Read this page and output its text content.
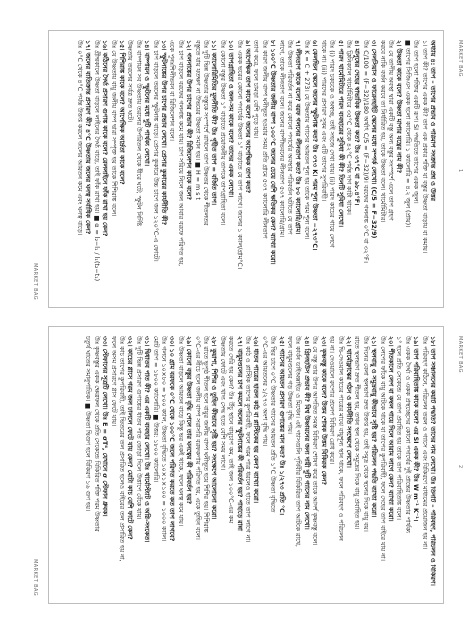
MARKET BAG
1
অধ্যায় ৪: তাপ – তাপের প্রভাব ও পরিমাপ সংক্রান্ত প্রশ্ন ও উত্তর
১। তাপ কী? তাপের একক কী? তাপ এক প্রকার শক্তি যা বস্তুর উষ্ণতা বাড়ায় বা কমায়।
উঃ তাপ হলো শক্তির একটি রূপ। SI পদ্ধতিতে তাপের একক জুল।
■ তাপের সিজিএস একক হলো ক্যালোরি। ১ ক্যালোরি = ৪.২ জুল (প্রায়)।
২। উষ্ণতা কাকে বলে? উষ্ণতা মাপার যন্ত্রের নাম কী?
উঃ যে তাপীয় অবস্থা দ্বারা একটি বস্তু অন্য বস্তুর সংস্পর্শে এলে তাপ গ্রহণ
করবে নাকি বর্জন করবে তা নির্ধারিত হয়, তাকে উষ্ণতা বলে। থার্মোমিটার।
৩। সেলসিয়াস ও ফারেনহাইট স্কেলের মধ্যে সম্পর্ক লেখো। (C/5 = F−32/9)
উঃ C/100 = (F−32)/180 অর্থাৎ C/5 = (F−32)/9। বরফের গলনাঙ্ক ০°C বা ৩২°F।
৪। মানুষের দেহের স্বাভাবিক উষ্ণতা কত? উঃ ৩৭°C বা ৯৮.৪°F।
উঃ ক্লিনিক্যাল থার্মোমিটারে ৩৫°C থেকে ৪২°C পর্যন্ত দাগ কাটা থাকে।
৫। পারদ থার্মোমিটারে পারদ ব্যবহারের সুবিধা কী কী? তিনটি সুবিধা লেখো।
উঃ (i) পারদ চকচকে ও অস্বচ্ছ, তাই সহজে দেখা যায়। (ii) পারদ কাচের গায়ে লেগে
থাকে না। (iii) পারদের প্রসারণ সুষম এবং এটি তাপের সুপরিবাহী।
৬। কেলভিন স্কেলে জলের স্ফুটনাঙ্ক কত? উঃ ৩৭৩ K। পরম শূন্য উষ্ণতা −২৭৩°C।
উঃ K = C + 273। যে উষ্ণতায় গ্যাসের আয়তন শূন্য হয় তাকে পরম শূন্য বলে।
৭। লীনতাপ কাকে বলে? বরফ গলনের লীনতাপ কত? উঃ ৮০ ক্যালোরি/গ্রাম।
উঃ উষ্ণতা পরিবর্তন না করে কোনো পদার্থের অবস্থার পরিবর্তন ঘটাতে যে তাপ
লাগে, তাকে লীনতাপ বলে। জলের বাষ্পীভবনের লীনতাপ ৫৩৭ ক্যালোরি/গ্রাম।
৮। ১০০°C উষ্ণতার জলীয় বাষ্প ১০০°C জলের চেয়ে বেশি ক্ষতিকর কেন? ব্যাখ্যা করো।
উঃ কারণ জলীয় বাষ্প ঘনীভূত হওয়ার সময় প্রতি গ্রামে ৫৩৭ ক্যালোরি লীনতাপ
ত্যাগ করে, ফলে চামড়া বেশি পুড়ে যায়।
৯। আপেক্ষিক তাপ কাকে বলে? জলের আপেক্ষিক তাপ কত?
উঃ একক ভরের কোনো পদার্থের উষ্ণতা ১° বাড়াতে যে তাপ লাগে। জলের ১ ক্যাল/গ্রাম°C।
১০। তাপগ্রাহিতা ও জল-সম কাকে বলে? তাদের একক লেখো।
উঃ কোনো বস্তুর উষ্ণতা ১° বাড়াতে প্রয়োজনীয় তাপকে তাপগ্রাহিতা বলে।
১১। ক্যালোরিমিতির মূলনীতি কী? উঃ গৃহীত তাপ = বর্জিত তাপ।
উঃ দুটি ভিন্ন উষ্ণতার বস্তুকে সংস্পর্শে রাখলে তাপ উষ্ণতর থেকে শীতলতর
বস্তুতে যায় যতক্ষণ না উভয়ের উষ্ণতা সমান হয়। ■ H = m s t
১২। গলনাঙ্কের উপর চাপের প্রভাব কী? রিজিলেশন কাকে বলে?
উঃ চাপ বাড়লে বরফের গলনাঙ্ক কমে যায়। চাপ সরিয়ে নিলে জল আবার বরফে পরিণত হয়,
একে পুনঃশিলীভবন বা রিজিলেশন বলে।
১৩। স্ফুটনাঙ্কের উপর চাপের প্রভাব লেখো। প্রেসার কুকারের কার্যনীতি কী?
উঃ চাপ বাড়লে তরলের স্ফুটনাঙ্ক বাড়ে। প্রেসার কুকারে উচ্চ চাপে জল ১২০°C-এ ফোটে।
১৪। বাষ্পায়ন ও স্ফুটনের মধ্যে দুটি পার্থক্য লেখো।
উঃ বাষ্পায়ন সব উষ্ণতায় তরলের উপরিতল থেকে ধীরে ঘটে; স্ফুটন নির্দিষ্ট
উষ্ণতায় তরলের সর্বত্র দ্রুত ঘটে।
১৫। শিশিরাঙ্ক কাকে বলে? আপেক্ষিক আর্দ্রতা কাকে বলে?
উঃ যে উষ্ণতায় বায়ু জলীয় বাষ্প দ্বারা সম্পৃক্ত হয় তাকে শিশিরাঙ্ক বলে।
১৬। কঠিনের দৈর্ঘ্য প্রসারণ গুণাঙ্ক কাকে বলে? রেললাইনে ফাঁক রাখা হয় কেন?
উঃ গ্রীষ্মকালে উষ্ণতা বাড়লে লাইনের দৈর্ঘ্য বাড়ে, তাই ফাঁক রাখা হয়। ■ α = l₂−l₁ / l₁(t₂−t₁)
১৭। জলের ব্যতিক্রান্ত প্রসারণ কী? ৪°C উষ্ণতায় জলের ঘনত্ব সর্বাধিক কেন?
উঃ ০°C থেকে ৪°C পর্যন্ত উত্তপ্ত করলে জলের আয়তন কমে এবং ঘনত্ব বাড়ে।
MARKET BAG
MARKET BAG
2
১৮। তাপ সঞ্চালনের কয়টি পদ্ধতি? তাদের নাম লেখো। উঃ তিনটি – পরিবহণ, পরিচলন ও বিকিরণ।
উঃ পরিবহণ কঠিনে, পরিচলন তরল ও গ্যাসে এবং বিকিরণে মাধ্যমের প্রয়োজন হয় না।
১৯। তাপ পরিবাহিতাঙ্ক কাকে বলে? এর SI একক কী? উঃ W m⁻¹ K⁻¹।
উঃ একক দৈর্ঘ্য ও একক প্রস্থচ্ছেদের কোনো পদার্থের দুই প্রান্তের উষ্ণতার পার্থক্য
১° হলে প্রতি সেকেন্ডে যে তাপ প্রবাহিত হয় তাকে তাপ পরিবাহিতাঙ্ক বলে।
২০। শীতকালে লেপ বা কম্বল গায়ে দিলে আরাম লাগে কেন? ব্যাখ্যা করো।
উঃ লেপের ফাঁকে বায়ু আটকে থাকে যা তাপের কুপরিবাহী, ফলে দেহের তাপ বাইরে যায় না।
২১। স্থলবায়ু ও সমুদ্রবায়ু কীভাবে সৃষ্টি হয়? পরিচলন পদ্ধতি ব্যাখ্যা করো।
উঃ দিনের বেলা স্থলভাগ দ্রুত উত্তপ্ত হয়, তাই সমুদ্র থেকে স্থলের দিকে বায়ু বয়।
রাতে স্থলভাগ দ্রুত শীতল হয়, তখন স্থল থেকে সমুদ্রের দিকে বায়ু প্রবাহিত হয়।
২২। থার্মোফ্লাস্কের গঠন ও কার্যনীতি সংক্ষেপে লেখো।
উঃ দ্বি-দেওয়াল কাচের পাত্রের মাঝে বায়ুশূন্য স্থান থাকে, ফলে পরিবহণ ও পরিচলন
হয় না। দেওয়ালে রুপোর প্রলেপ বিকিরণ রোধ করে।
২৩। কৃষ্ণবস্তু কাকে বলে? উত্তম শোষক উত্তম বিকিরক কেন?
উঃ যে বস্তু তার উপর আপতিত সমস্ত বিকিরণ শোষণ করে তাকে আদর্শ কৃষ্ণবস্তু বলে।
২৪। গ্রিনহাউস প্রভাব কী? বিশ্ব উষ্ণায়নের জন্য দায়ী দুটি গ্যাসের নাম লেখো।
উঃ কার্বন ডাইঅক্সাইড ও মিথেন। এই গ্যাসগুলি পৃথিবীর বিকিরিত তাপ আটকে রাখে,
ফলে বায়ুমণ্ডলের গড় উষ্ণতা বৃদ্ধি পায়।
২৫। গ্যাসের আয়তন প্রসারণ গুণাঙ্কের মান কত? উঃ ১/২৭৩ প্রতি °C।
উঃ স্থির চাপে ০°C উষ্ণতার গ্যাসের আয়তন প্রতি ১°C উষ্ণতা বৃদ্ধিতে
০°C-এর আয়তনের ১/২৭৩ অংশ বৃদ্ধি পায়।
২৬। ধাতব পাত্রের হাতল কাঠ বা প্লাস্টিকের হয় কেন? ব্যাখ্যা করো।
উঃ কাঠ ও প্লাস্টিক তাপের কুপরিবাহী, ফলে গরম পাত্র ধরলেও হাতে তাপ লাগে না।
২৭। বায়ুমণ্ডলের চাপ কমলে জলের স্ফুটনাঙ্কের কী পরিবর্তন হয়? পাহাড়ে রান্না
করতে দেরি হয় কেন? উঃ উঁচু স্থানে বায়ুচাপ কম, তাই জল ১০০°C-এর কম
উষ্ণতায় ফোটে এবং খাদ্য সেদ্ধ হতে বেশি সময় লাগে।
২৮। কুয়াশা, শিশির ও তুহিন কীভাবে সৃষ্টি হয়? সংক্ষেপে আলোচনা করো।
উঃ রাতে ভূপৃষ্ঠ শীতল হলে বায়ুর জলীয় বাষ্প ঘনীভূত হয়ে শিশির হয়। শিশিরাঙ্ক
০°C-এর নীচে হলে জলীয় বাষ্প সরাসরি বরফকণায় পরিণত হয়, একে তুহিন বলে।
২৯। কোনো বস্তুর উষ্ণতা বৃদ্ধি পেলে তার ঘনত্বের কী পরিবর্তন হয়?
উঃ উষ্ণতা বাড়লে আয়তন বাড়ে কিন্তু ভর একই থাকে, ফলে ঘনত্ব কমে যায়।
৩০। ১০ গ্রাম বরফকে ০°C থেকে ১০০°C জলে পরিণত করতে কত তাপ লাগবে?
উঃ গলনে ১০×৮০ = ৮০০ ক্যাল, উষ্ণতা বৃদ্ধিতে ১০×১×১০০ = ১০০০ ক্যাল।
মোট তাপ = ১৮০০ ক্যালোরি। ■ উত্তর: ১৮০০ ক্যালোরি।
৩১। দ্বিধাতব পাত কী? এর একটি ব্যবহার লেখো। উঃ থার্মোস্ট্যাট ও অগ্নি-সংকেত।
উঃ দুটি ভিন্ন প্রসারণ গুণাঙ্কের ধাতব পাত জোড়া দিলে উত্তাপে বেঁকে যায়।
৩২। কাচের গ্লাসে গরম জল ঢাললে ফেটে যায় কেন? মোটা কাচ বেশি ফাটে কেন?
উঃ কাচ তাপের কুপরিবাহী, তাই ভিতরের তল প্রসারিত হলেও বাইরের তল প্রসারিত হয় না,
ফলে অসম প্রসারণে গ্লাস ফেটে যায়।
৩৩। স্টেফানের সূত্রটি লেখো। উঃ E = σT⁴, যেখানে σ স্টেফান ধ্রুবক।
উঃ কৃষ্ণবস্তুর একক ক্ষেত্রফল থেকে প্রতি সেকেন্ডে বিকিরিত শক্তি পরম উষ্ণতার
চতুর্থ ঘাতের সমানুপাতিক। ■ উষ্ণতা দ্বিগুণ হলে বিকিরণ ১৬ গুণ হয়।
MARKET BAG
